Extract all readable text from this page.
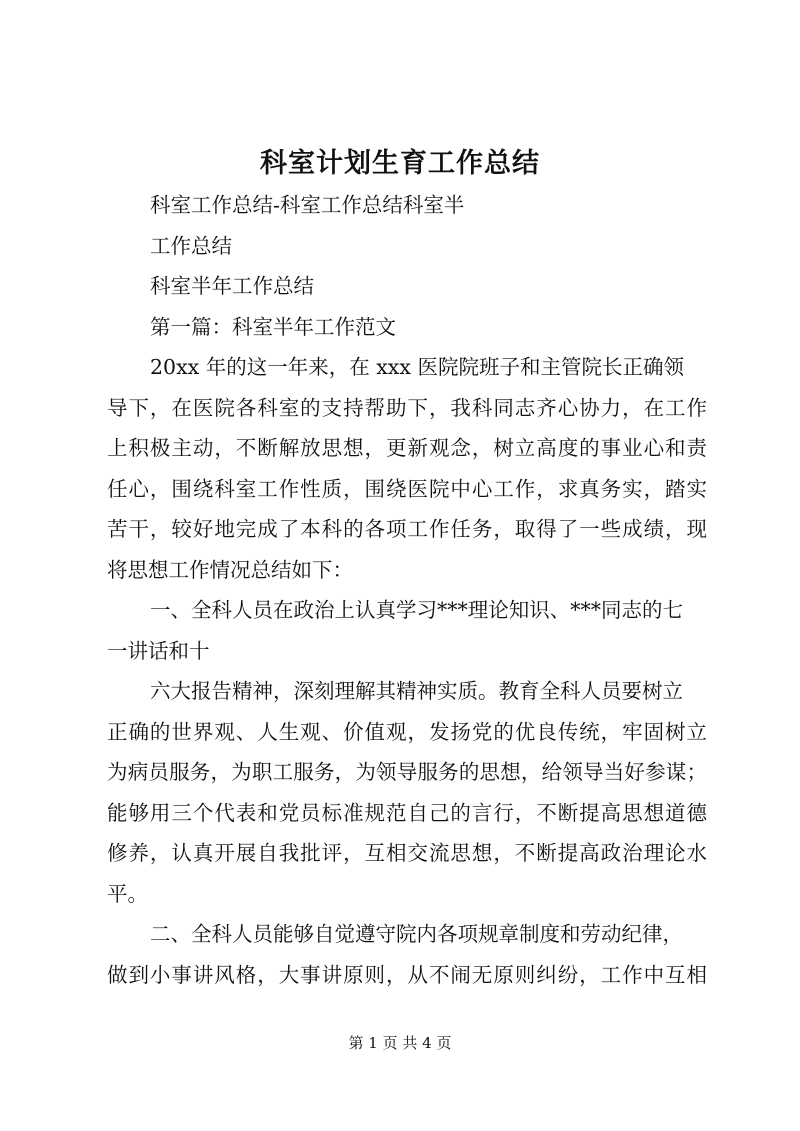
科室计划生育工作总结
科室工作总结-科室工作总结科室半
工作总结
科室半年工作总结
第一篇：科室半年工作范文
20xx 年的这一年来，在 xxx 医院院班子和主管院长正确领
导下，在医院各科室的支持帮助下，我科同志齐心协力，在工作
上积极主动，不断解放思想，更新观念，树立高度的事业心和责
任心，围绕科室工作性质，围绕医院中心工作，求真务实，踏实
苦干，较好地完成了本科的各项工作任务，取得了一些成绩，现
将思想工作情况总结如下：
一、全科人员在政治上认真学习***理论知识、***同志的七
一讲话和十
六大报告精神，深刻理解其精神实质。教育全科人员要树立
正确的世界观、人生观、价值观，发扬党的优良传统，牢固树立
为病员服务，为职工服务，为领导服务的思想，给领导当好参谋；
能够用三个代表和党员标准规范自己的言行，不断提高思想道德
修养，认真开展自我批评，互相交流思想，不断提高政治理论水
平。
二、全科人员能够自觉遵守院内各项规章制度和劳动纪律，
做到小事讲风格，大事讲原则，从不闹无原则纠纷，工作中互相
第 1 页 共 4 页
